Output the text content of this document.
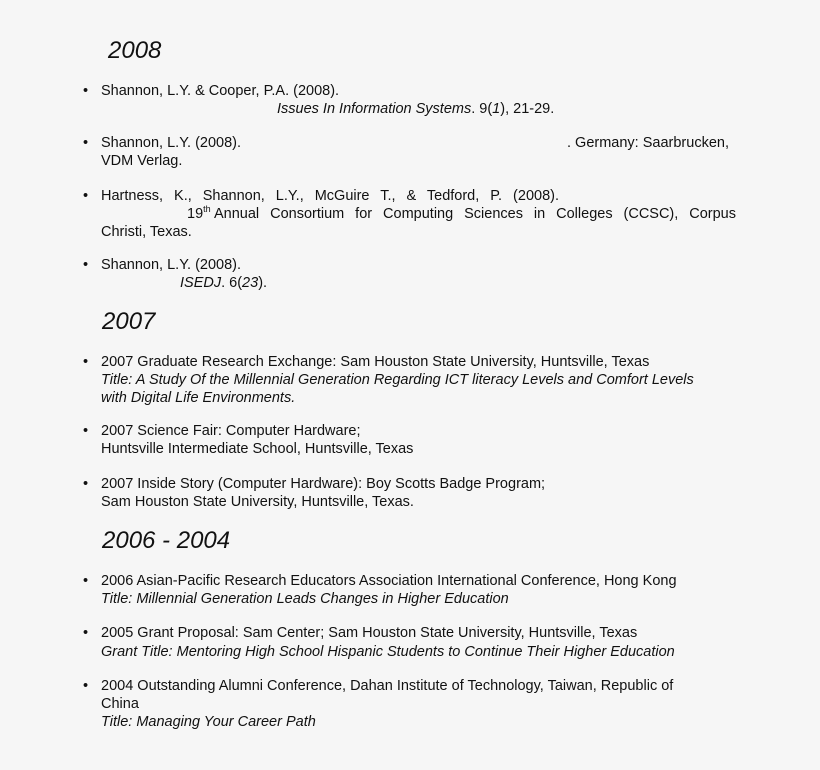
2008
• Shannon, L.Y. & Cooper, P.A. (2008).
Issues In Information Systems. 9(1), 21-29.
• Shannon, L.Y. (2008).	. Germany: Saarbrucken,
VDM Verlag.
• Hartness, K., Shannon, L.Y., McGuire T., & Tedford, P. (2008).
19th Annual Consortium for Computing Sciences in Colleges (CCSC), Corpus
Christi, Texas.
• Shannon, L.Y. (2008).
ISEDJ. 6(23).
2007
• 2007 Graduate Research Exchange: Sam Houston State University, Huntsville, Texas
Title: A Study Of the Millennial Generation Regarding ICT literacy Levels and Comfort Levels
with Digital Life Environments.
• 2007 Science Fair: Computer Hardware;
Huntsville Intermediate School, Huntsville, Texas
• 2007 Inside Story (Computer Hardware): Boy Scotts Badge Program;
Sam Houston State University, Huntsville, Texas.
2006 - 2004
• 2006 Asian-Pacific Research Educators Association International Conference, Hong Kong
Title: Millennial Generation Leads Changes in Higher Education
• 2005 Grant Proposal: Sam Center; Sam Houston State University, Huntsville, Texas
Grant Title: Mentoring High School Hispanic Students to Continue Their Higher Education
• 2004 Outstanding Alumni Conference, Dahan Institute of Technology, Taiwan, Republic of
China
Title: Managing Your Career Path
